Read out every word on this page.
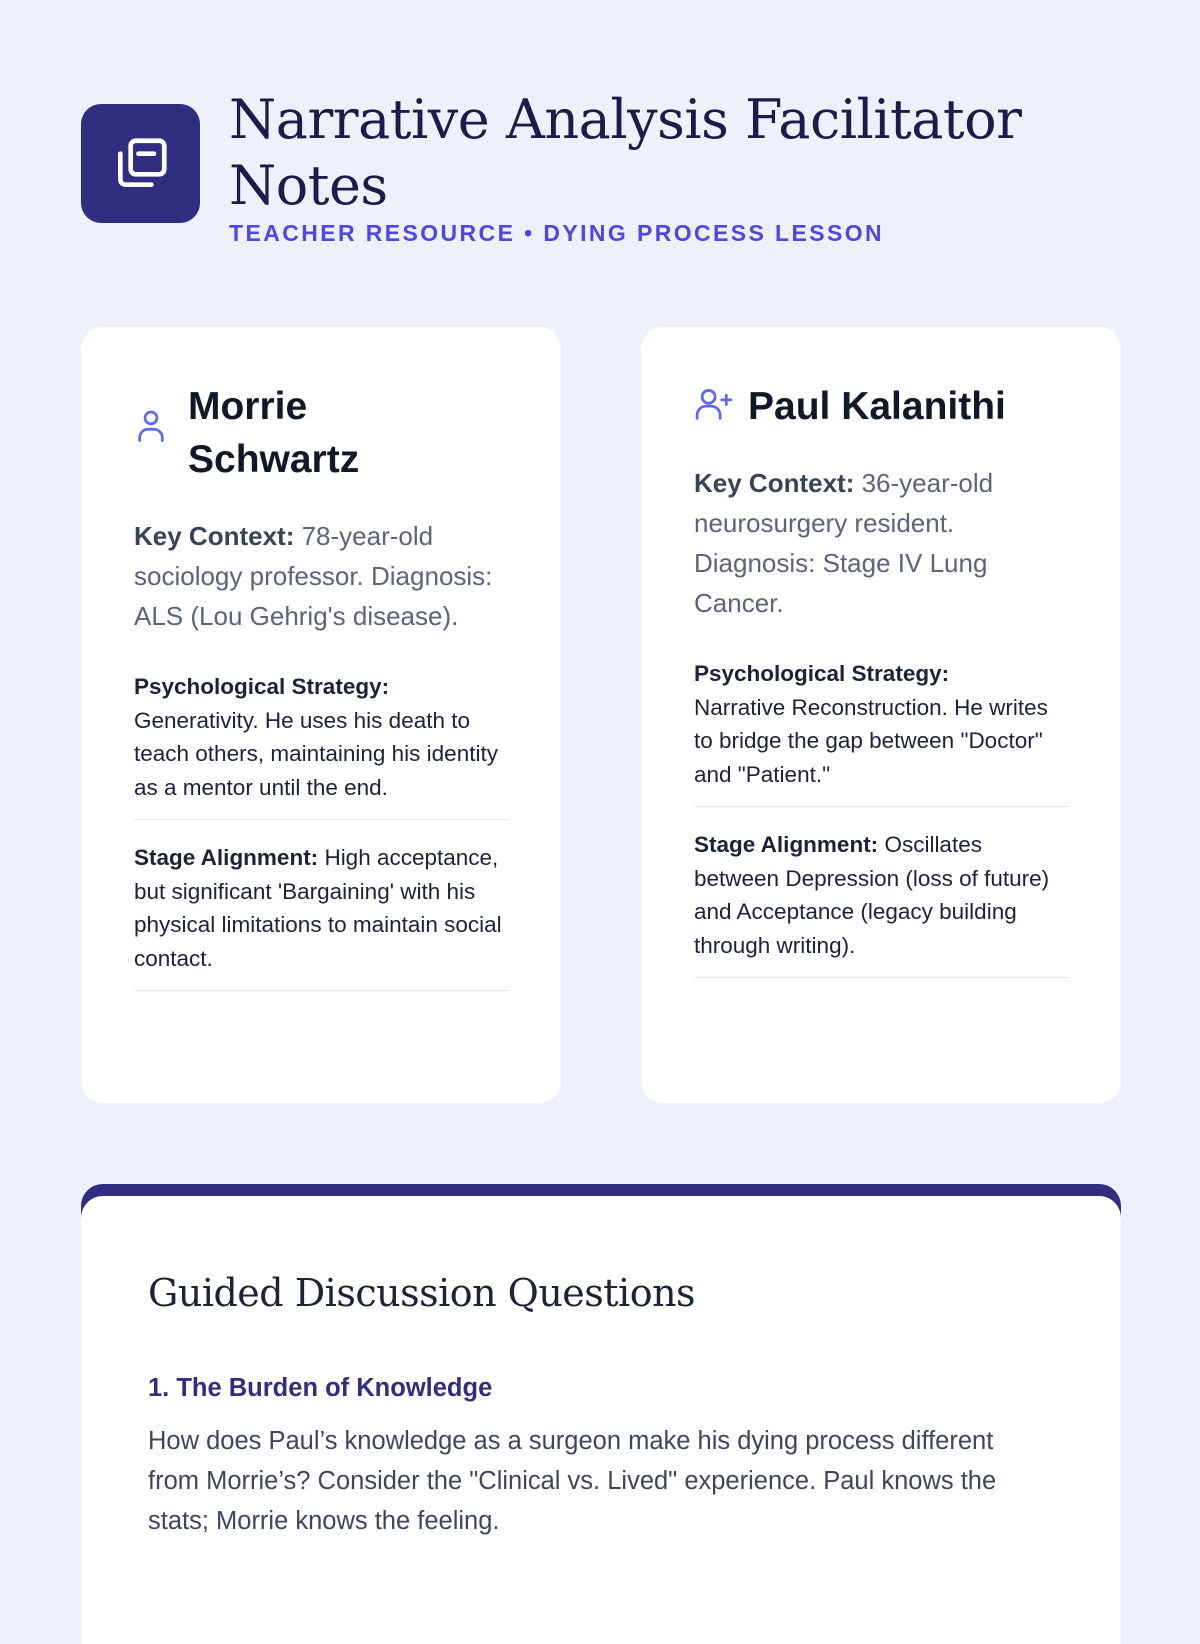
Narrative Analysis Facilitator Notes
TEACHER RESOURCE • DYING PROCESS LESSON
Morrie Schwartz
Key Context: 78-year-old sociology professor. Diagnosis: ALS (Lou Gehrig's disease).
Psychological Strategy:
Generativity. He uses his death to teach others, maintaining his identity as a mentor until the end.
Stage Alignment: High acceptance, but significant 'Bargaining' with his physical limitations to maintain social contact.
Paul Kalanithi
Key Context: 36-year-old neurosurgery resident. Diagnosis: Stage IV Lung Cancer.
Psychological Strategy:
Narrative Reconstruction. He writes to bridge the gap between "Doctor" and "Patient."
Stage Alignment: Oscillates between Depression (loss of future) and Acceptance (legacy building through writing).
Guided Discussion Questions
1. The Burden of Knowledge
How does Paul’s knowledge as a surgeon make his dying process different from Morrie’s? Consider the "Clinical vs. Lived" experience. Paul knows the stats; Morrie knows the feeling.
